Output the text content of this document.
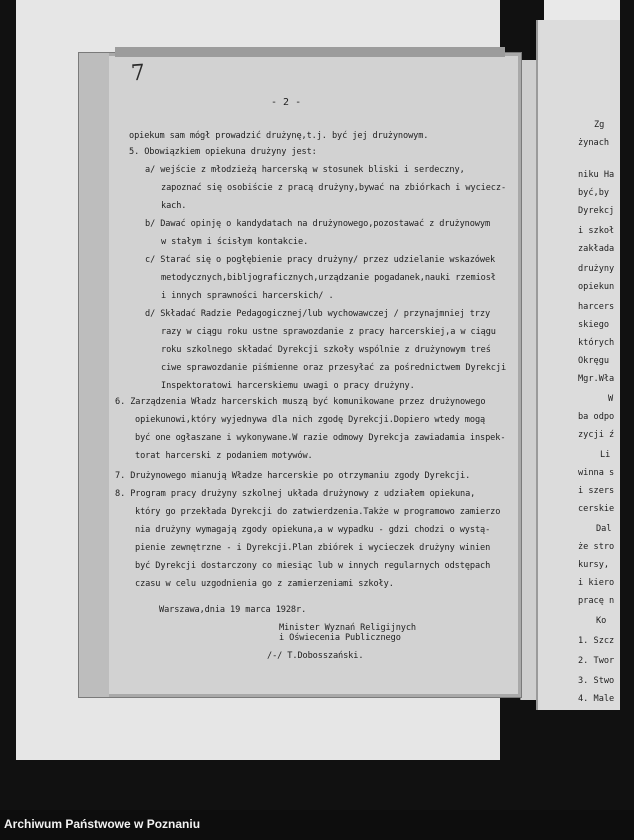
Zg
żynach
niku Ha
być,by
Dyrekcj
i szkoł
zakłada
drużyny
opiekun
harcers
skiego
których
Okręgu
Mgr.Wła
W
ba odpo
zycji ź
Li
winna s
i szers
cerskie
Dal
że stro
kursy,
i kiero
pracę n
Ko
1. Szcz
2. Twor
3. Stwo
4. Male
7
- 2 -
opiekum sam mógł prowadzić drużynę,t.j. być jej drużynowym.
5. Obowiązkiem opiekuna drużyny jest:
a/ wejście z młodzieżą harcerską w stosunek bliski i serdeczny,
zapoznać się osobiście z pracą drużyny,bywać na zbiórkach i wyciecz-
kach.
b/ Dawać opinję o kandydatach na drużynowego,pozostawać z drużynowym
w stałym i ścisłym kontakcie.
c/ Starać się o pogłębienie pracy drużyny/ przez udzielanie wskazówek
metodycznych,bibljograficznych,urządzanie pogadanek,nauki rzemiosł
i innych sprawności harcerskich/ .
d/ Składać Radzie Pedagogicznej/lub wychowawczej / przynajmniej trzy
razy w ciągu roku ustne sprawozdanie z pracy harcerskiej,a w ciągu
roku szkolnego składać Dyrekcji szkoły wspólnie z drużynowym treś
ciwe sprawozdanie piśmienne oraz przesyłać za pośrednictwem Dyrekcji
Inspektoratowi harcerskiemu uwagi o pracy drużyny.
6. Zarządzenia Władz harcerskich muszą być komunikowane przez drużynowego
opiekunowi,który wyjednywa dla nich zgodę Dyrekcji.Dopiero wtedy mogą
być one ogłaszane i wykonywane.W razie odmowy Dyrekcja zawiadamia inspek-
torat harcerski z podaniem motywów.
7. Drużynowego mianują Władze harcerskie po otrzymaniu zgody Dyrekcji.
8. Program pracy drużyny szkolnej układa drużynowy z udziałem opiekuna,
który go przekłada Dyrekcji do zatwierdzenia.Także w programowo zamierzo
nia drużyny wymagają zgody opiekuna,a w wypadku - gdzi chodzi o wystą-
pienie zewnętrzne - i Dyrekcji.Plan zbiórek i wycieczek drużyny winien
być Dyrekcji dostarczony co miesiąc lub w innych regularnych odstępach
czasu w celu uzgodnienia go z zamierzeniami szkoły.
Warszawa,dnia 19 marca 1928r.
Minister Wyznań Religijnych
i Oświecenia Publicznego
/-/ T.Dobosszański.
Archiwum Państwowe w Poznaniu
